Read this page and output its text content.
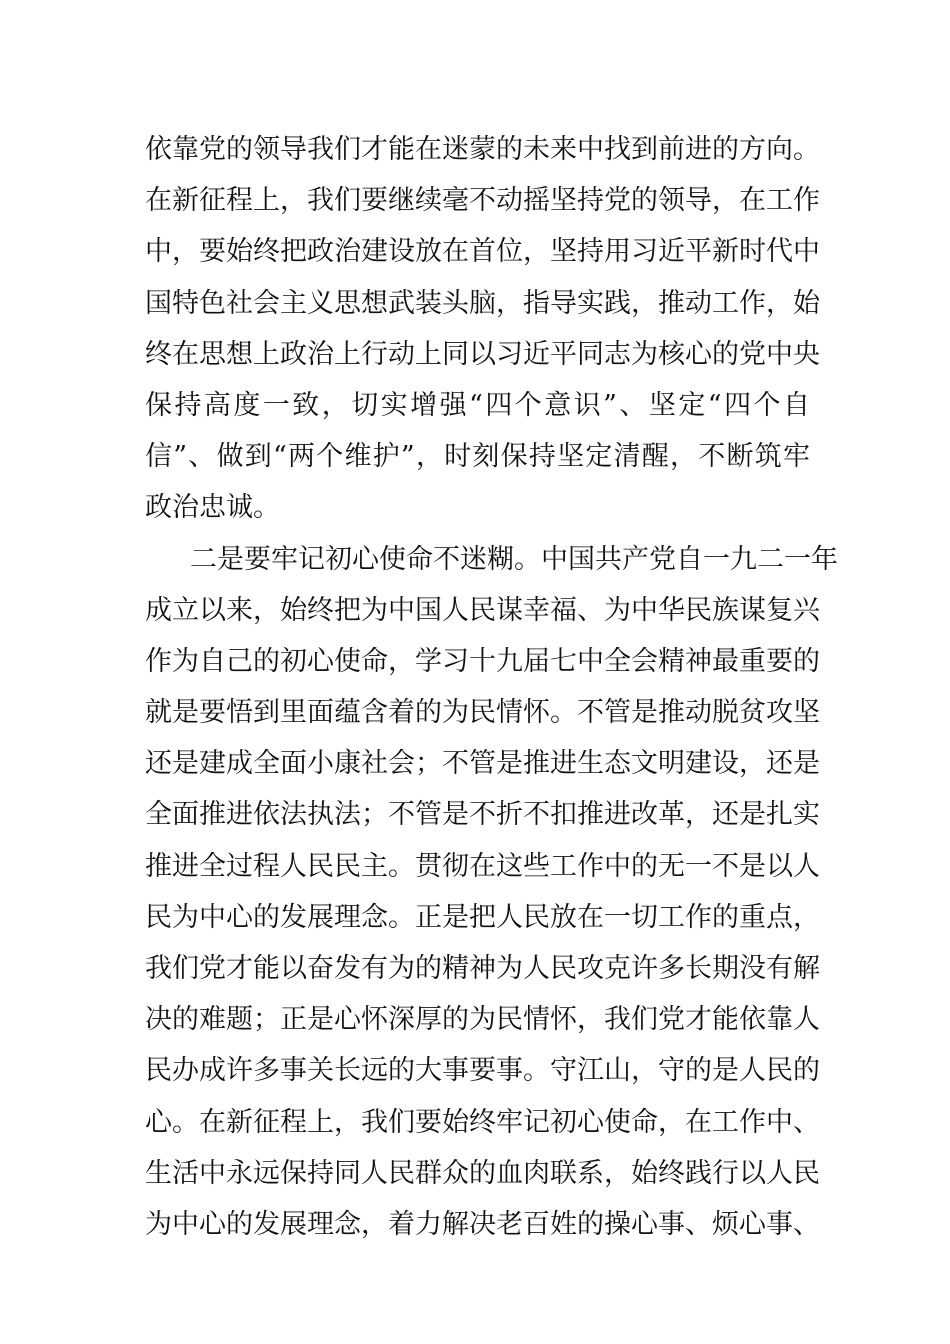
依靠党的领导我们才能在迷蒙的未来中找到前进的方向。
在新征程上，我们要继续毫不动摇坚持党的领导，在工作
中，要始终把政治建设放在首位，坚持用习近平新时代中
国特色社会主义思想武装头脑，指导实践，推动工作，始
终在思想上政治上行动上同以习近平同志为核心的党中央
保持高度一致，切实增强“四个意识”、坚定“四个自
信”、做到“两个维护”，时刻保持坚定清醒，不断筑牢
政治忠诚。
二是要牢记初心使命不迷糊。中国共产党自一九二一年
成立以来，始终把为中国人民谋幸福、为中华民族谋复兴
作为自己的初心使命，学习十九届七中全会精神最重要的
就是要悟到里面蕴含着的为民情怀。不管是推动脱贫攻坚
还是建成全面小康社会；不管是推进生态文明建设，还是
全面推进依法执法；不管是不折不扣推进改革，还是扎实
推进全过程人民民主。贯彻在这些工作中的无一不是以人
民为中心的发展理念。正是把人民放在一切工作的重点，
我们党才能以奋发有为的精神为人民攻克许多长期没有解
决的难题；正是心怀深厚的为民情怀，我们党才能依靠人
民办成许多事关长远的大事要事。守江山，守的是人民的
心。在新征程上，我们要始终牢记初心使命，在工作中、
生活中永远保持同人民群众的血肉联系，始终践行以人民
为中心的发展理念，着力解决老百姓的操心事、烦心事、
